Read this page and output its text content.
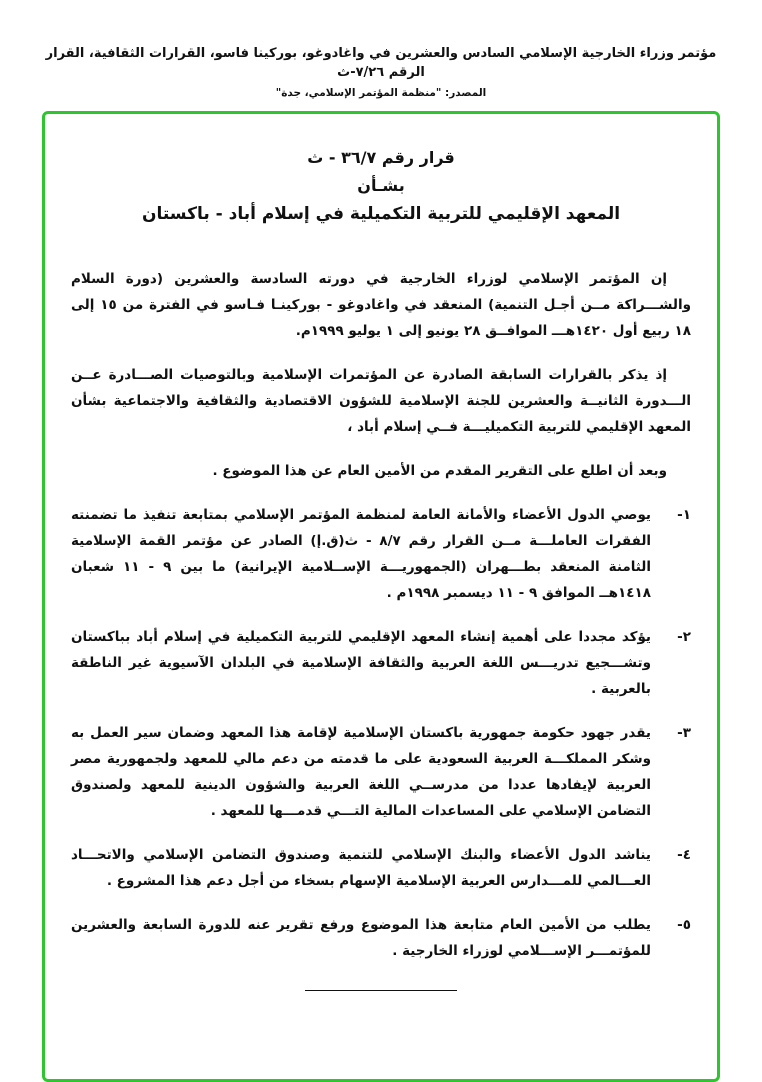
مؤتمر وزراء الخارجية الإسلامي السادس والعشرين في واغادوغو، بوركينا فاسو، القرارات الثقافية، القرار الرقم ٧/٢٦-ث
المصدر: "منظمة المؤتمر الإسلامي، جدة"
قرار رقم ٣٦/٧ - ث
بشـأن
المعهد الإقليمي للتربية التكميلية في إسلام أباد - باكستان
إن المؤتمر الإسلامي لوزراء الخارجية في دورته السادسة والعشرين (دورة السلام والشـــراكة مــن أجـل التنمية) المنعقد في واغادوغو - بوركينـا فـاسو في الفترة من ١٥ إلى ١٨ ربيع أول ١٤٢٠هـــ الموافــق ٢٨ يونيو إلى ١ يوليو ١٩٩٩م.
إذ يذكر بالقرارات السابقة الصادرة عن المؤتمرات الإسلامية وبالتوصيات الصـــادرة عــن الـــدورة الثانيــة والعشرين للجنة الإسلامية للشؤون الاقتصادية والثقافية والاجتماعية بشأن المعهد الإقليمي للتربية التكميليـــة فــي إسلام أباد ،
وبعد أن اطلع على التقرير المقدم من الأمين العام عن هذا الموضوع .
١-
يوصي الدول الأعضاء والأمانة العامة لمنظمة المؤتمر الإسلامي بمتابعة تنفيذ ما تضمنته الفقرات العاملـــة مــن القرار رقم ٨/٧ - ث(ق.إ) الصادر عن مؤتمر القمة الإسلامية الثامنة المنعقد بطـــهران (الجمهوريـــة الإســلامية الإيرانية) ما بين ٩ - ١١ شعبان ١٤١٨هــ الموافق ٩ - ١١ ديسمبر ١٩٩٨م .
٢-
يؤكد مجددا على أهمية إنشاء المعهد الإقليمي للتربية التكميلية في إسلام أباد بباكستان وتشـــجيع تدريـــس اللغة العربية والثقافة الإسلامية في البلدان الآسيوية غير الناطقة بالعربية .
٣-
يقدر جهود حكومة جمهورية باكستان الإسلامية لإقامة هذا المعهد وضمان سير العمل به وشكر المملكـــة العربية السعودية على ما قدمته من دعم مالي للمعهد ولجمهورية مصر العربية لإيفادها عددا من مدرســي اللغة العربية والشؤون الدينية للمعهد ولصندوق التضامن الإسلامي على المساعدات المالية التـــي قدمـــها للمعهد .
٤-
يناشد الدول الأعضاء والبنك الإسلامي للتنمية وصندوق التضامن الإسلامي والاتحـــاد العـــالمي للمـــدارس العربية الإسلامية الإسهام بسخاء من أجل دعم هذا المشروع .
٥-
يطلب من الأمين العام متابعة هذا الموضوع ورفع تقرير عنه للدورة السابعة والعشرين للمؤتمـــر الإســـلامي لوزراء الخارجية .
